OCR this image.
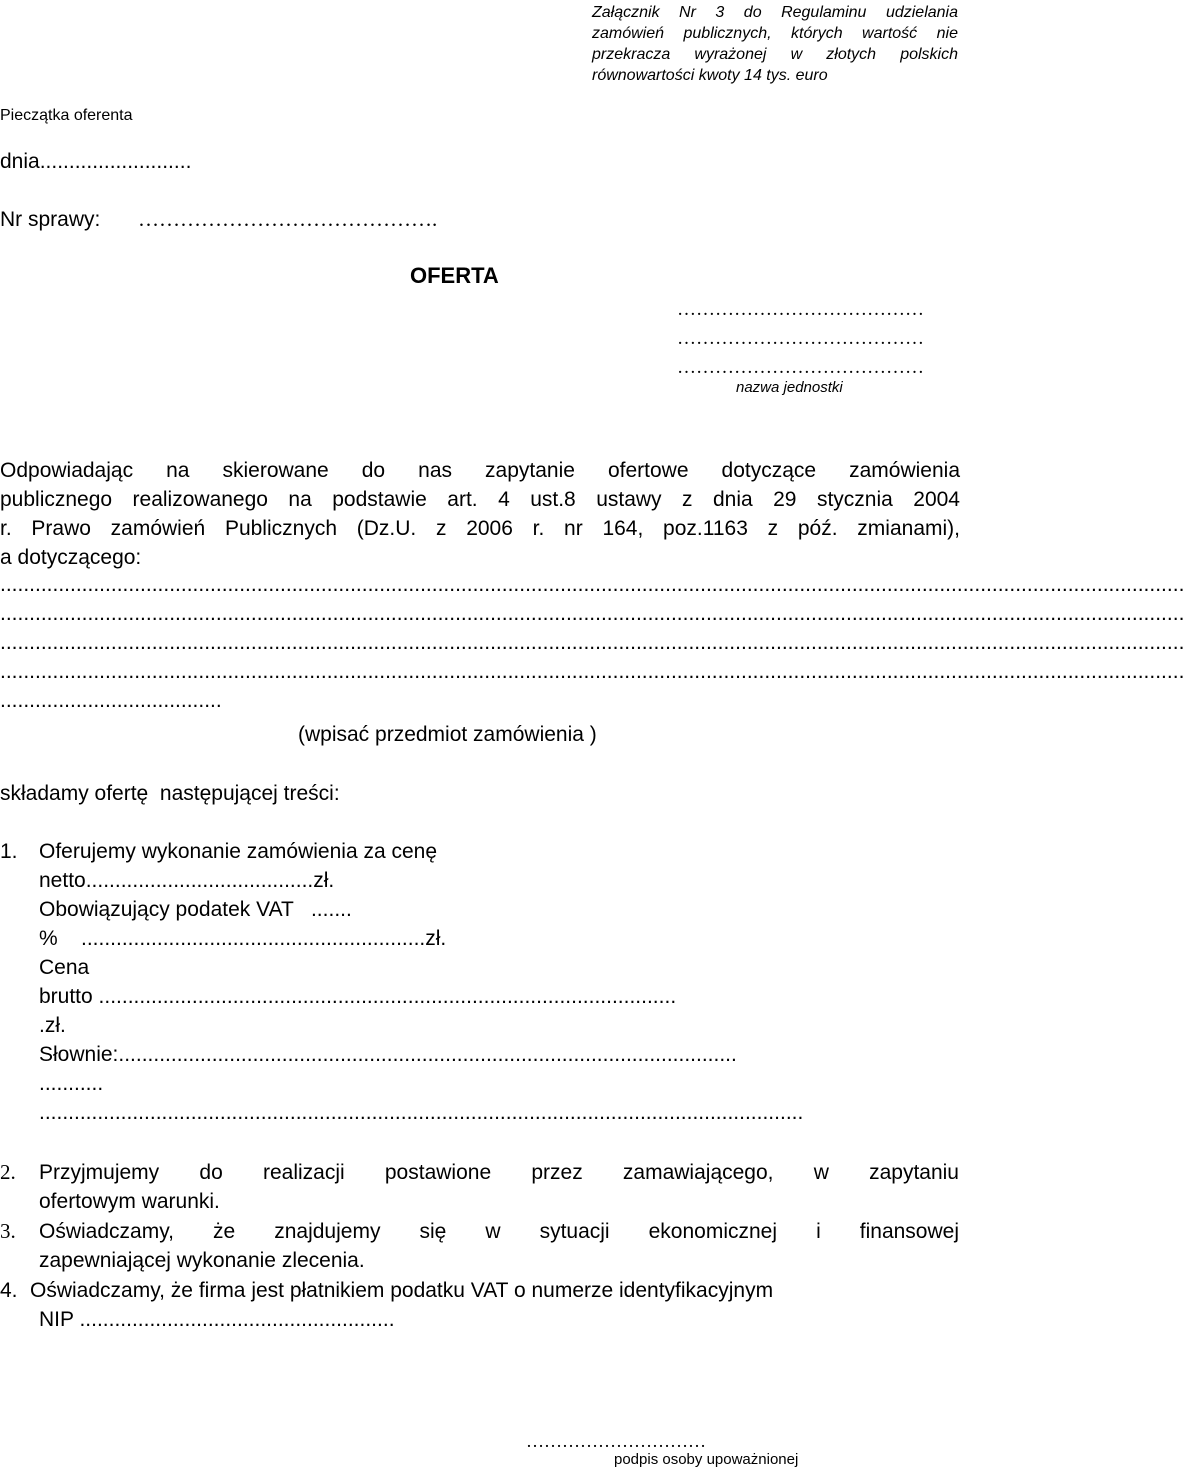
Załącznik Nr 3 do Regulaminu udzielania
zamówień publicznych, których wartość nie
przekracza wyrażonej w złotych polskich
równowartości kwoty 14 tys. euro
Pieczątka oferenta
dnia..........................
Nr sprawy: …………………………………….
OFERTA
…………………………………
…………………………………
…………………………………
nazwa jednostki
Odpowiadając na skierowane do nas zapytanie ofertowe dotyczące zamówienia
publicznego realizowanego na podstawie art. 4 ust.8 ustawy z dnia 29 stycznia 2004
r. Prawo zamówień Publicznych (Dz.U. z 2006 r. nr 164, poz.1163 z póź. zmianami),
a dotyczącego:
...........................................................................................................................................................................................................
...........................................................................................................................................................................................................
...........................................................................................................................................................................................................
...........................................................................................................................................................................................................
......................................
(wpisać przedmiot zamówienia )
składamy ofertę  następującej treści:
1. Oferujemy wykonanie zamówienia za cenę
netto.......................................zł.
Obowiązujący podatek VAT   .......
%    ...........................................................zł.
Cena
brutto ...................................................................................................
.zł.
Słownie:..........................................................................................................
...........
...................................................................................................................................
2. Przyjmujemy do realizacji postawione przez zamawiającego, w zapytaniu
ofertowym warunki.
3. Oświadczamy, że znajdujemy się w sytuacji ekonomicznej i finansowej
zapewniającej wykonanie zlecenia.
4. Oświadczamy, że firma jest płatnikiem podatku VAT o numerze identyfikacyjnym
NIP ......................................................
…………………………
podpis osoby upoważnionej
